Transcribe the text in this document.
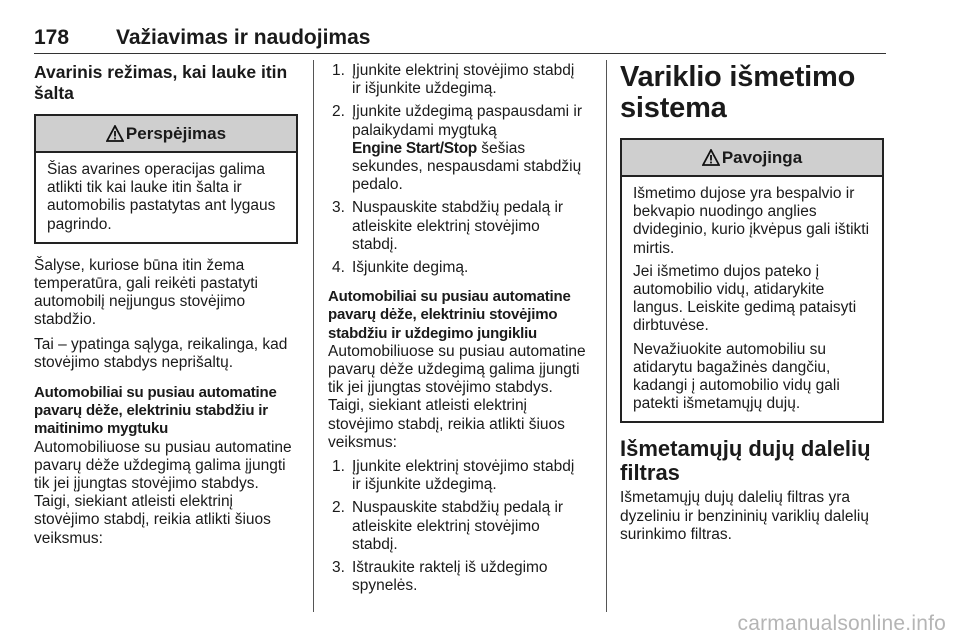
178 Važiavimas ir naudojimas
Avarinis režimas, kai lauke itin
šalta
Perspėjimas

Šias avarines operacijas galima
atlikti tik kai lauke itin šalta ir
automobilis pastatytas ant lygaus
pagrindo.

Šalyse, kuriose būna itin žema
temperatūra, gali reikėti pastatyti
automobilį neįjungus stovėjimo
stabdžio.

Tai – ypatinga sąlyga, reikalinga, kad
stovėjimo stabdys neprišaltų.

Automobiliai su pusiau automatine
pavarų dėže, elektriniu stabdžiu ir
maitinimo mygtuku

Automobiliuose su pusiau automatine
pavarų dėže uždegimą galima įjungti
tik jei įjungtas stovėjimo stabdys.
Taigi, siekiant atleisti elektrinį
stovėjimo stabdį, reikia atlikti šiuos
veiksmus:

1. Įjunkite elektrinį stovėjimo stabdį
ir išjunkite uždegimą.
2. Įjunkite uždegimą paspausdami ir
palaikydami mygtuką
Engine Start/Stop šešias
sekundes, nespausdami stabdžių
pedalo.
3. Nuspauskite stabdžių pedalą ir
atleiskite elektrinį stovėjimo
stabdį.
4. Išjunkite degimą.
Automobiliai su pusiau automatine
pavarų dėže, elektriniu stovėjimo
stabdžiu ir uždegimo jungikliu

Automobiliuose su pusiau automatine
pavarų dėže uždegimą galima įjungti
tik jei įjungtas stovėjimo stabdys.
Taigi, siekiant atleisti elektrinį
stovėjimo stabdį, reikia atlikti šiuos
veiksmus:

1. Įjunkite elektrinį stovėjimo stabdį
ir išjunkite uždegimą.
2. Nuspauskite stabdžių pedalą ir
atleiskite elektrinį stovėjimo
stabdį.
3. Ištraukite raktelį iš uždegimo
spynelės.
Variklio išmetimo
sistema
Pavojinga

Išmetimo dujose yra bespalvio ir
bekvapio nuodingo anglies
dvideginio, kurio įkvėpus gali ištikti
mirtis.

Jei išmetimo dujos pateko į
automobilio vidų, atidarykite
langus. Leiskite gedimą pataisyti
dirbtuvėse.

Nevažiuokite automobiliu su
atidarytu bagažinės dangčiu,
kadangi į automobilio vidų gali
patekti išmetamųjų dujų.

Išmetamųjų dujų dalelių
filtras

Išmetamųjų dujų dalelių filtras yra
dyzeliniu ir benzininių variklių dalelių
surinkimo filtras.

carmanualsonline.info
